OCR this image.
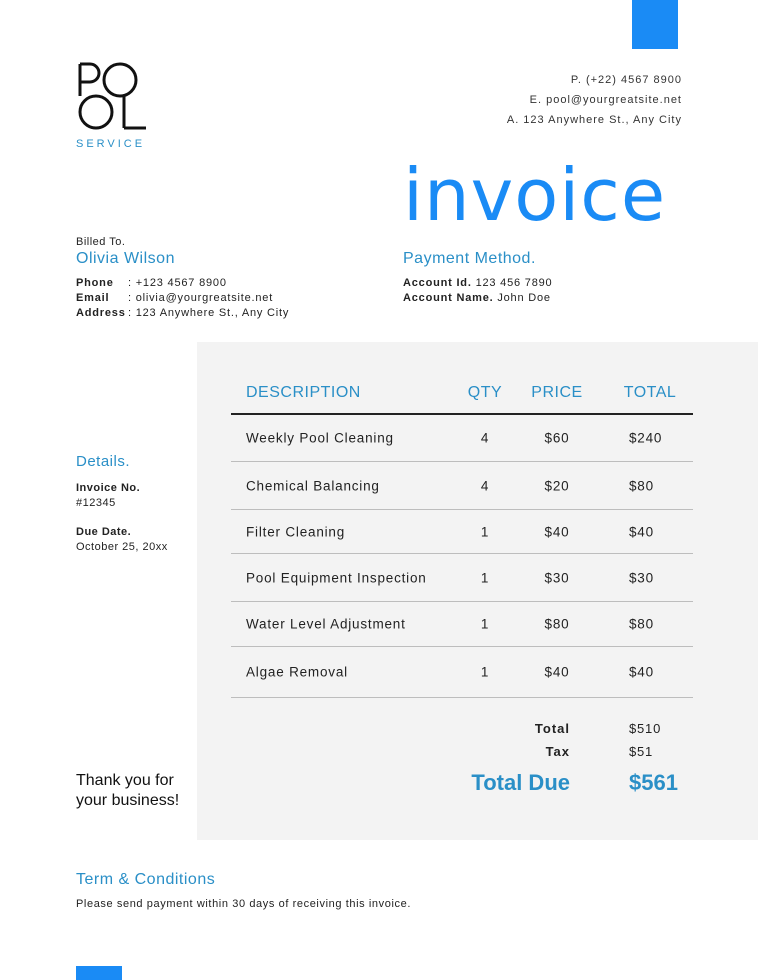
SERVICE
P. (+22) 4567 8900
E. pool@yourgreatsite.net
A. 123 Anywhere St., Any City
invoice
Billed To.
Olivia Wilson
Phone : +123 4567 8900
Email : olivia@yourgreatsite.net
Address : 123 Anywhere St., Any City
Payment Method.
Account Id. 123 456 7890
Account Name. John Doe
DESCRIPTION	QTY PRICE	TOTAL
Weekly Pool Cleaning	4	$60	$240
Chemical Balancing	4	$20	$80
Filter Cleaning	1	$40	$40
Pool Equipment Inspection	1	$30	$30
Water Level Adjustment	1	$80	$80
Algae Removal	1	$40	$40
Total	$510
Tax	$51
Total Due	$561
Details.
Invoice No.
#12345
Due Date.
October 25, 20xx
Thank you for your business!
Term & Conditions
Please send payment within 30 days of receiving this invoice.
